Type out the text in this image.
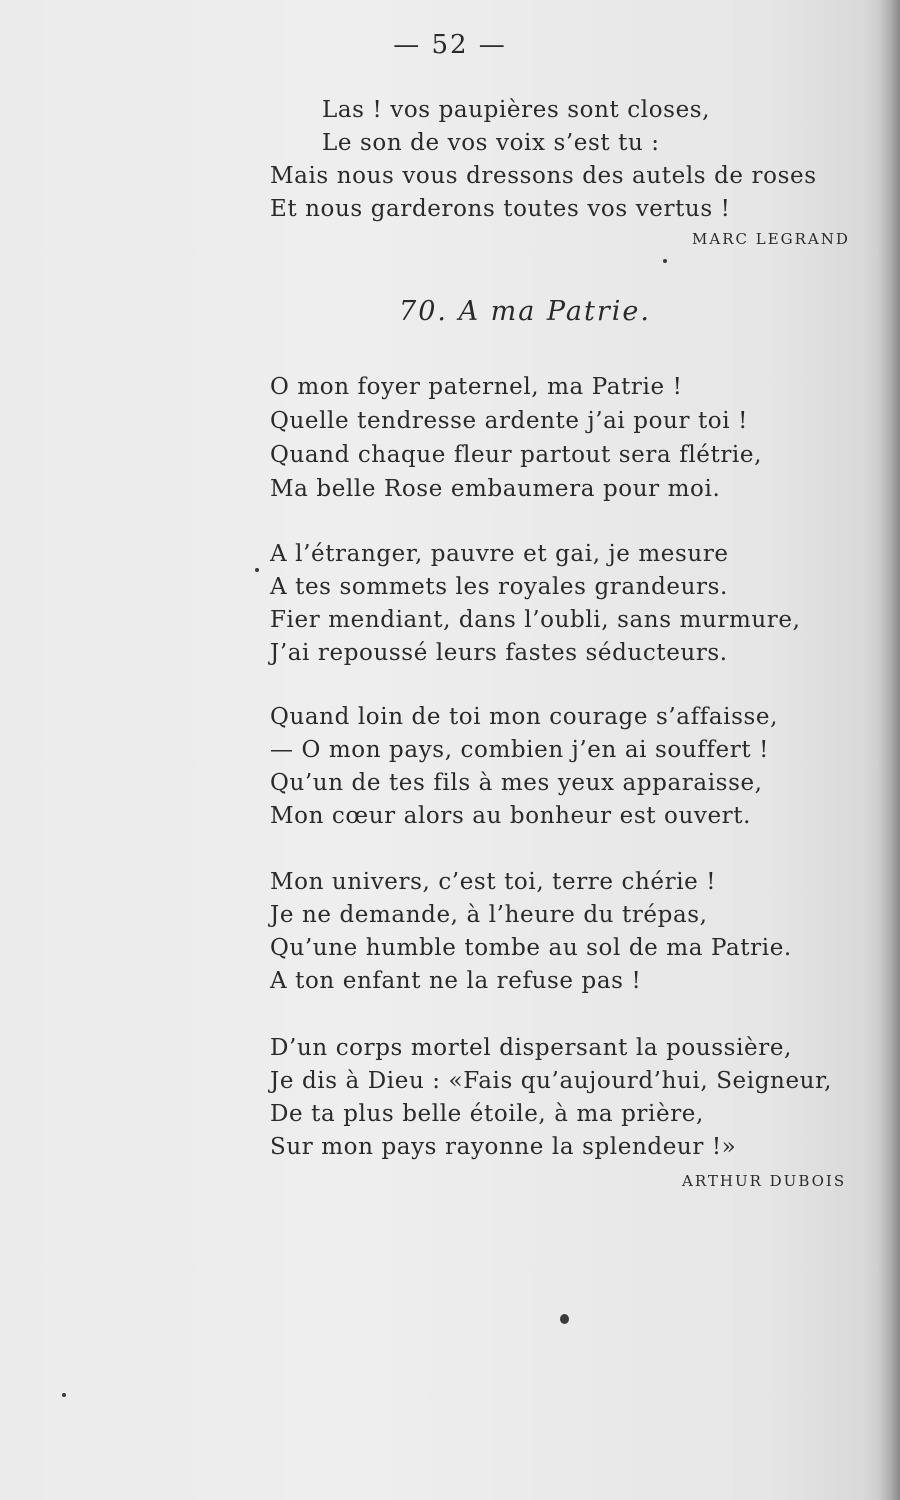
— 52 —
Las ! vos paupières sont closes,
Le son de vos voix s’est tu :
Mais nous vous dressons des autels de roses
Et nous garderons toutes vos vertus !
MARC LEGRAND
70. A ma Patrie.
O mon foyer paternel, ma Patrie !
Quelle tendresse ardente j’ai pour toi !
Quand chaque fleur partout sera flétrie,
Ma belle Rose embaumera pour moi.
A l’étranger, pauvre et gai, je mesure
A tes sommets les royales grandeurs.
Fier mendiant, dans l’oubli, sans murmure,
J’ai repoussé leurs fastes séducteurs.
Quand loin de toi mon courage s’affaisse,
— O mon pays, combien j’en ai souffert !
Qu’un de tes fils à mes yeux apparaisse,
Mon cœur alors au bonheur est ouvert.
Mon univers, c’est toi, terre chérie !
Je ne demande, à l’heure du trépas,
Qu’une humble tombe au sol de ma Patrie.
A ton enfant ne la refuse pas !
D’un corps mortel dispersant la poussière,
Je dis à Dieu : «Fais qu’aujourd’hui, Seigneur,
De ta plus belle étoile, à ma prière,
Sur mon pays rayonne la splendeur !»
ARTHUR DUBOIS
